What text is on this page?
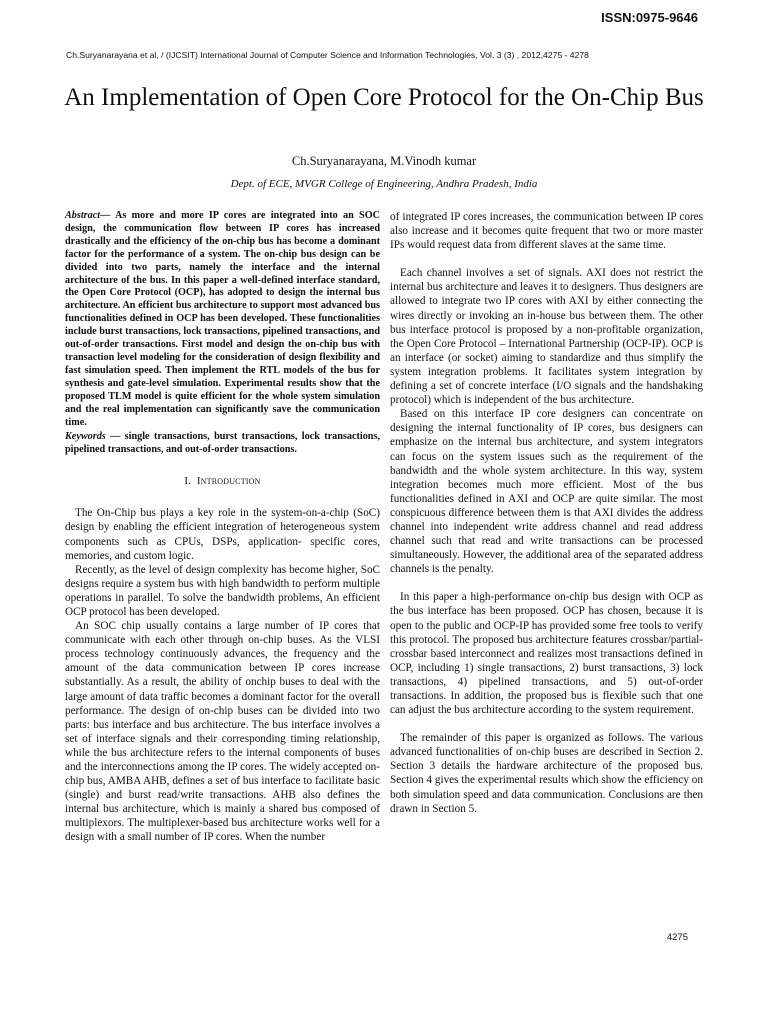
ISSN:0975-9646
Ch.Suryanarayana et al, / (IJCSIT) International Journal of Computer Science and Information Technologies, Vol. 3 (3) , 2012,4275 - 4278
An Implementation of Open Core Protocol for the On-Chip Bus
Ch.Suryanarayana, M.Vinodh kumar
Dept. of ECE, MVGR College of Engineering, Andhra Pradesh, India

Abstract— As more and more IP cores are integrated into an SOC design, the communication flow between IP cores has increased drastically and the efficiency of the on-chip bus has become a dominant factor for the performance of a system. The on-chip bus design can be divided into two parts, namely the interface and the internal architecture of the bus. In this paper a well-defined interface standard, the Open Core Protocol (OCP), has adopted to design the internal bus architecture. An efficient bus architecture to support most advanced bus functionalities defined in OCP has been developed. These functionalities include burst transactions, lock transactions, pipelined transactions, and out-of-order transactions. First model and design the on-chip bus with transaction level modeling for the consideration of design flexibility and fast simulation speed. Then implement the RTL models of the bus for synthesis and gate-level simulation. Experimental results show that the proposed TLM model is quite efficient for the whole system simulation and the real implementation can significantly save the communication time.

Keywords — single transactions, burst transactions, lock transactions, pipelined transactions, and out-of-order transactions.

I. Introduction

The On-Chip bus plays a key role in the system-on-a-chip (SoC) design by enabling the efficient integration of heterogeneous system components such as CPUs, DSPs, application- specific cores, memories, and custom logic.

Recently, as the level of design complexity has become higher, SoC designs require a system bus with high bandwidth to perform multiple operations in parallel. To solve the bandwidth problems, An efficient OCP protocol has been developed.

An SOC chip usually contains a large number of IP cores that communicate with each other through on-chip buses. As the VLSI process technology continuously advances, the frequency and the amount of the data communication between IP cores increase substantially. As a result, the ability of onchip buses to deal with the large amount of data traffic becomes a dominant factor for the overall performance. The design of on-chip buses can be divided into two parts: bus interface and bus architecture. The bus interface involves a set of interface signals and their corresponding timing relationship, while the bus architecture refers to the internal components of buses and the interconnections among the IP cores. The widely accepted on-chip bus, AMBA AHB, defines a set of bus interface to facilitate basic (single) and burst read/write transactions. AHB also defines the internal bus architecture, which is mainly a shared bus composed of multiplexors. The multiplexer-based bus architecture works well for a design with a small number of IP cores. When the number

of integrated IP cores increases, the communication between IP cores also increase and it becomes quite frequent that two or more master IPs would request data from different slaves at the same time.

Each channel involves a set of signals. AXI does not restrict the internal bus architecture and leaves it to designers. Thus designers are allowed to integrate two IP cores with AXI by either connecting the wires directly or invoking an in-house bus between them. The other bus interface protocol is proposed by a non-profitable organization, the Open Core Protocol – International Partnership (OCP-IP). OCP is an interface (or socket) aiming to standardize and thus simplify the system integration problems. It facilitates system integration by defining a set of concrete interface (I/O signals and the handshaking protocol) which is independent of the bus architecture.

Based on this interface IP core designers can concentrate on designing the internal functionality of IP cores, bus designers can emphasize on the internal bus architecture, and system integrators can focus on the system issues such as the requirement of the bandwidth and the whole system architecture. In this way, system integration becomes much more efficient. Most of the bus functionalities defined in AXI and OCP are quite similar. The most conspicuous difference between them is that AXI divides the address channel into independent write address channel and read address channel such that read and write transactions can be processed simultaneously. However, the additional area of the separated address channels is the penalty.

In this paper a high-performance on-chip bus design with OCP as the bus interface has been proposed. OCP has chosen, because it is open to the public and OCP-IP has provided some free tools to verify this protocol. The proposed bus architecture features crossbar/partial-crossbar based interconnect and realizes most transactions defined in OCP, including 1) single transactions, 2) burst transactions, 3) lock transactions, 4) pipelined transactions, and 5) out-of-order transactions. In addition, the proposed bus is flexible such that one can adjust the bus architecture according to the system requirement.

The remainder of this paper is organized as follows. The various advanced functionalities of on-chip buses are described in Section 2. Section 3 details the hardware architecture of the proposed bus. Section 4 gives the experimental results which show the efficiency on both simulation speed and data communication. Conclusions are then drawn in Section 5.

4275
